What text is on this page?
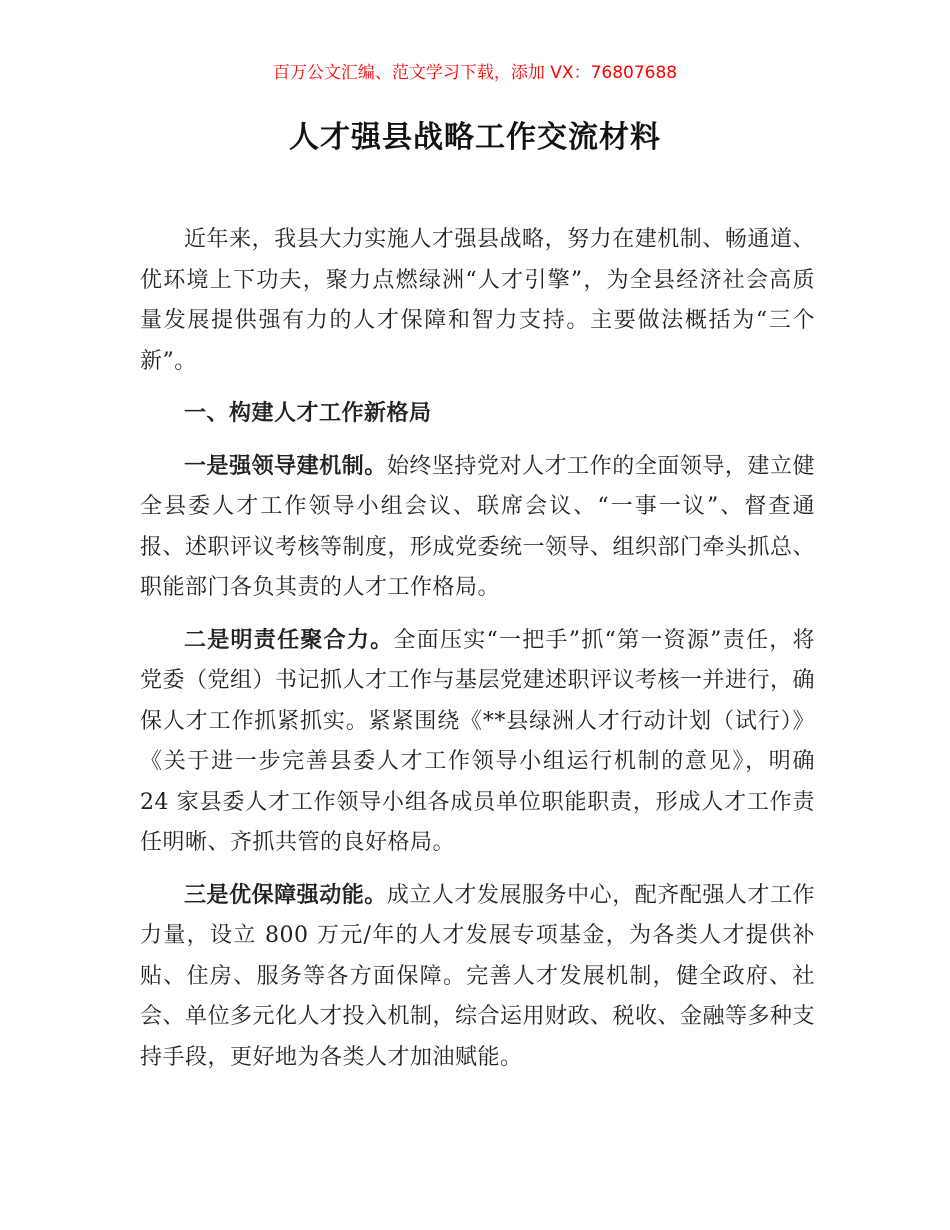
百万公文汇编、范文学习下载，添加 VX：76807688
人才强县战略工作交流材料

近年来，我县大力实施人才强县战略，努力在建机制、畅通道、优环境上下功夫，聚力点燃绿洲“人才引擎”，为全县经济社会高质量发展提供强有力的人才保障和智力支持。主要做法概括为“三个新”。

一、构建人才工作新格局

一是强领导建机制。始终坚持党对人才工作的全面领导，建立健全县委人才工作领导小组会议、联席会议、“一事一议”、督查通报、述职评议考核等制度，形成党委统一领导、组织部门牵头抓总、职能部门各负其责的人才工作格局。

二是明责任聚合力。全面压实“一把手”抓“第一资源”责任，将党委（党组）书记抓人才工作与基层党建述职评议考核一并进行，确保人才工作抓紧抓实。紧紧围绕《**县绿洲人才行动计划（试行）》《关于进一步完善县委人才工作领导小组运行机制的意见》，明确 24 家县委人才工作领导小组各成员单位职能职责，形成人才工作责任明晰、齐抓共管的良好格局。

三是优保障强动能。成立人才发展服务中心，配齐配强人才工作力量，设立 800 万元/年的人才发展专项基金，为各类人才提供补贴、住房、服务等各方面保障。完善人才发展机制，健全政府、社会、单位多元化人才投入机制，综合运用财政、税收、金融等多种支持手段，更好地为各类人才加油赋能。
